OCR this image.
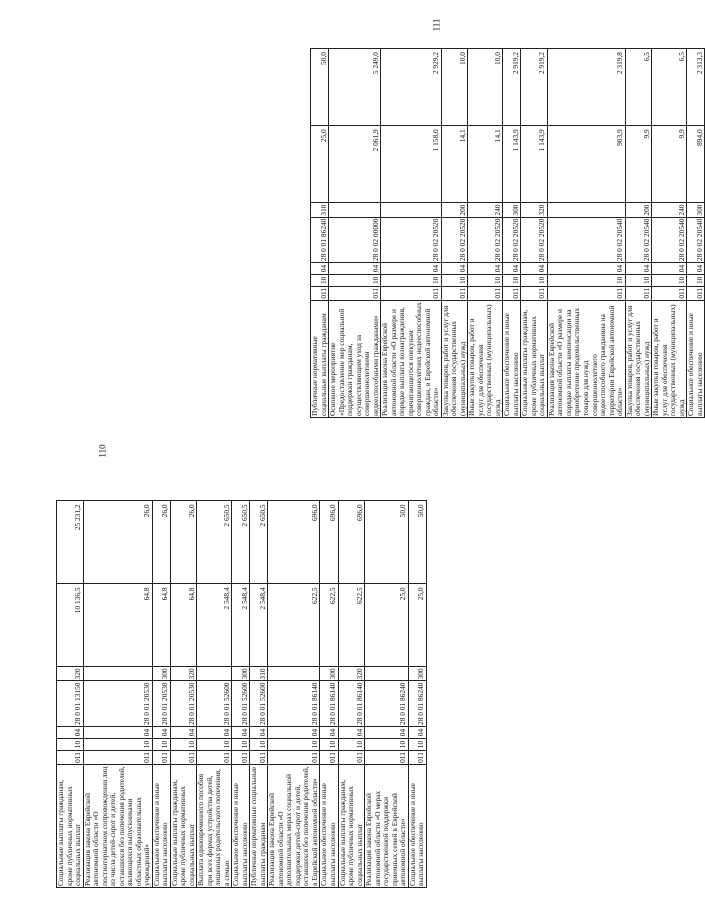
110
111
Социальные выплаты гражданам, кроме публичных нормативных социальных выплат	011	10	04	28 0 01 13150	320	10 136,5	25 231,2
Реализация закона Еврейской автономной области «О постинтернатном сопровождении лиц из числа детей-сирот и детей, оставшихся без попечения родителей, являющихся выпускниками областных образовательных учреждений»	011	10	04	28 0 01 20530		64,8	26,0
Социальное обеспечение и иные выплаты населению	011	10	04	28 0 01 20530	300	64,8	26,0
Социальные выплаты гражданам, кроме публичных нормативных социальных выплат	011	10	04	28 0 01 20530	320	64,8	26,0
Выплата единовременного пособия при всех формах устройства детей, лишенных родительского попечения, в семью	011	10	04	28 0 01 52600		2 548,4	2 650,5
Социальное обеспечение и иные выплаты населению	011	10	04	28 0 01 52600	300	2 548,4	2 650,5
Публичные нормативные социальные выплаты гражданам	011	10	04	28 0 01 52600	310	2 548,4	2 650,5
Реализация закона Еврейской автономной области «О дополнительных мерах социальной поддержки детей-сирот и детей, оставшихся без попечения родителей, в Еврейской автономной области»	011	10	04	28 0 01 86140		622,5	696,0
Социальное обеспечение и иные выплаты населению	011	10	04	28 0 01 86140	300	622,5	696,0
Социальные выплаты гражданам, кроме публичных нормативных социальных выплат	011	10	04	28 0 01 86140	320	622,5	696,0
Реализация закона Еврейской автономной области «О мерах государственной поддержки приемных семей в Еврейской автономной области»	011	10	04	28 0 01 86240		25,0	50,0
Социальное обеспечение и иные выплаты населению	011	10	04	28 0 01 86240	300	25,0	50,0
Публичные нормативные социальные выплаты гражданам	011	10	04	28 0 01 86240	310	25,0	50,0
Основное мероприятие «Предоставление мер социальной поддержки гражданам, осуществляющим уход за совершеннолетними недееспособными гражданами»	011	10	04	28 0 02 00000		2 061,9	5 249,0
Реализация закона Еврейской автономной области «О размере и порядке выплаты вознаграждения, причитающегося опекунам совершеннолетних недееспособных граждан, в Еврейской автономной области»	011	10	04	28 0 02 20520		1 158,0	2 929,2
Закупка товаров, работ и услуг для обеспечения государственных (муниципальных) нужд	011	10	04	28 0 02 20520	200	14,1	10,0
Иные закупки товаров, работ и услуг для обеспечения государственных (муниципальных) нужд	011	10	04	28 0 02 20520	240	14,1	10,0
Социальное обеспечение и иные выплаты населению	011	10	04	28 0 02 20520	300	1 143,9	2 919,2
Социальные выплаты гражданам, кроме публичных нормативных социальных выплат	011	10	04	28 0 02 20520	320	1 143,9	2 919,2
Реализация закона Еврейской автономной области «О размере и порядке выплаты компенсации на приобретение продовольственных товаров для нужд совершеннолетнего недееспособного гражданина на территории Еврейской автономной области»	011	10	04	28 0 02 20540		903,9	2 319,8
Закупка товаров, работ и услуг для обеспечения государственных (муниципальных) нужд	011	10	04	28 0 02 20540	200	9,9	6,5
Иные закупки товаров, работ и услуг для обеспечения государственных (муниципальных) нужд	011	10	04	28 0 02 20540	240	9,9	6,5
Социальное обеспечение и иные выплаты населению	011	10	04	28 0 02 20540	300	894,0	2 313,3
